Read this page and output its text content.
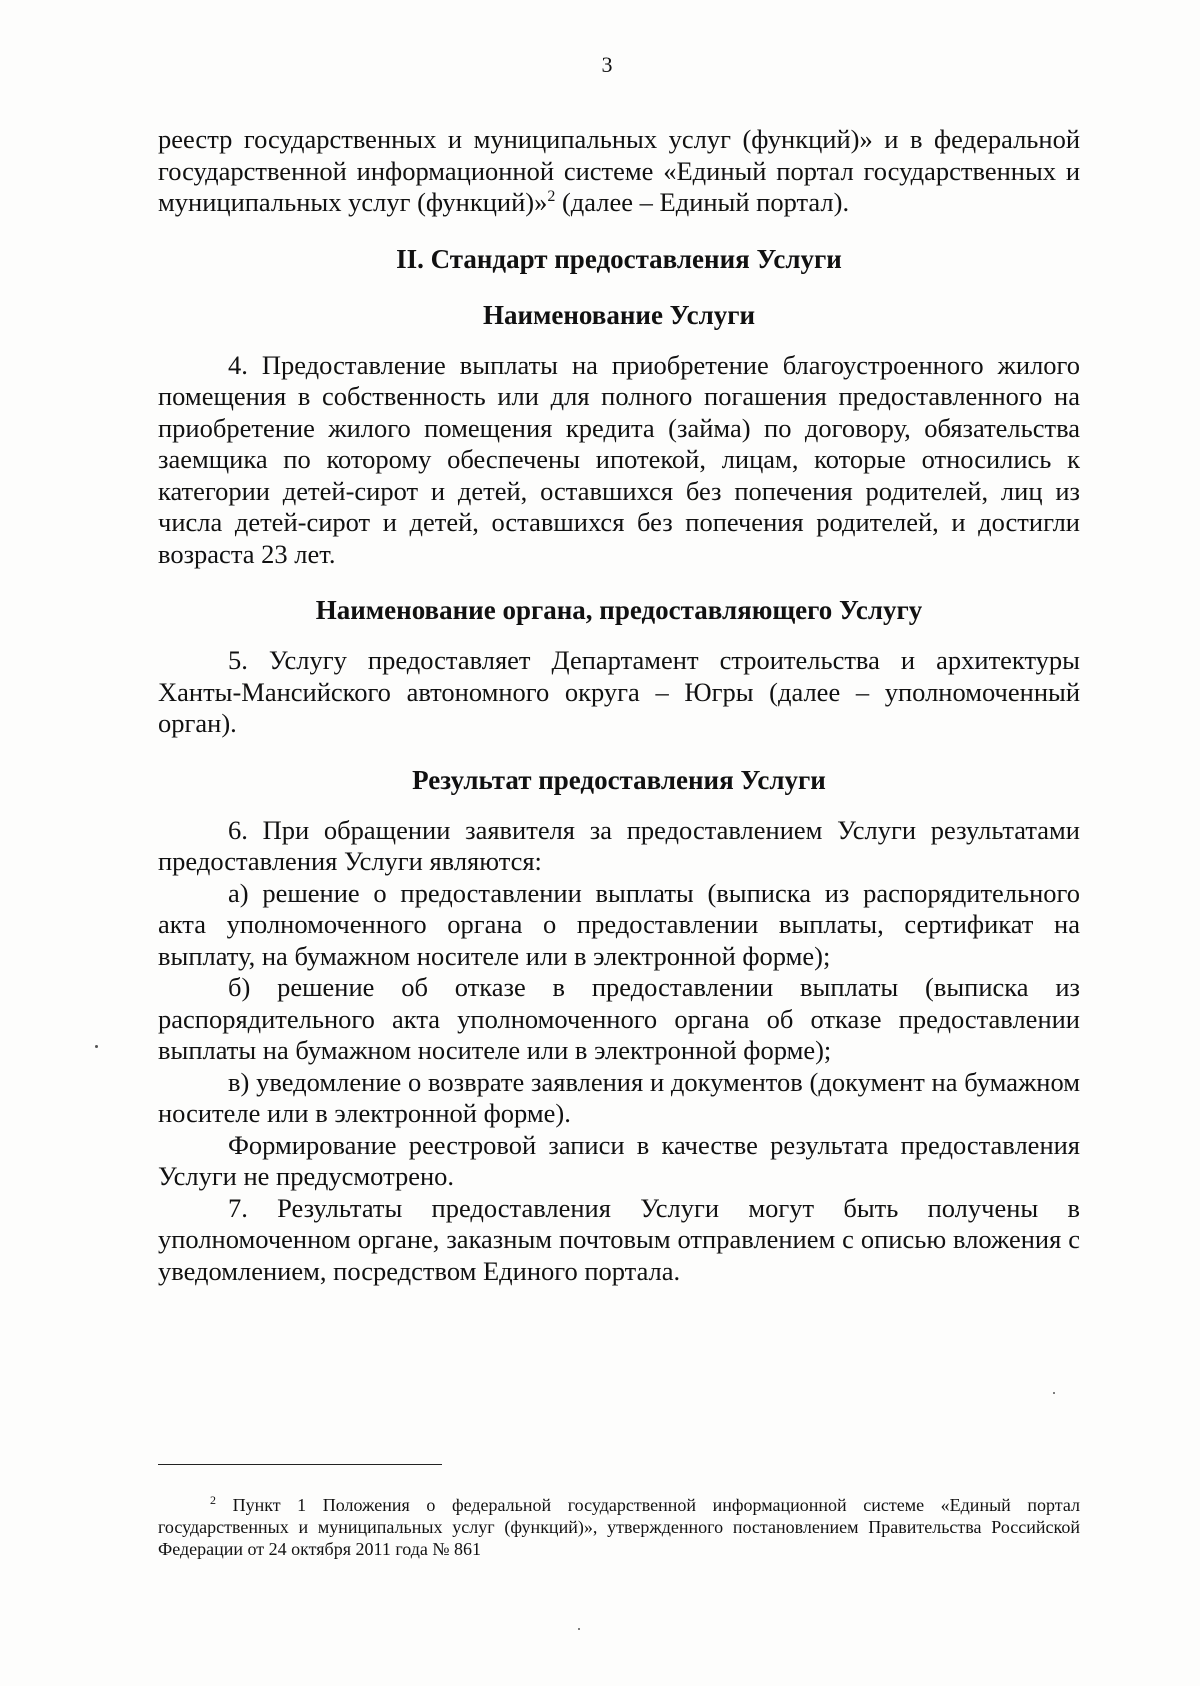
3

реестр государственных и муниципальных услуг (функций)» и в федеральной государственной информационной системе «Единый портал государственных и муниципальных услуг (функций)»$^2$ (далее – Единый портал).

II. Стандарт предоставления Услуги
Наименование Услуги

4. Предоставление выплаты на приобретение благоустроенного жилого помещения в собственность или для полного погашения предоставленного на приобретение жилого помещения кредита (займа) по договору, обязательства заемщика по которому обеспечены ипотекой, лицам, которые относились к категории детей-сирот и детей, оставшихся без попечения родителей, лиц из числа детей-сирот и детей, оставшихся без попечения родителей, и достигли возраста 23 лет.

Наименование органа, предоставляющего Услугу

5. Услугу предоставляет Департамент строительства и архитектуры Ханты-Мансийского автономного округа – Югры (далее – уполномоченный орган).

Результат предоставления Услуги

6. При обращении заявителя за предоставлением Услуги результатами предоставления Услуги являются:

а) решение о предоставлении выплаты (выписка из распорядительного акта уполномоченного органа о предоставлении выплаты, сертификат на выплату, на бумажном носителе или в электронной форме);

б) решение об отказе в предоставлении выплаты (выписка из распорядительного акта уполномоченного органа об отказе предоставлении выплаты на бумажном носителе или в электронной форме);

в) уведомление о возврате заявления и документов (документ на бумажном носителе или в электронной форме).

Формирование реестровой записи в качестве результата предоставления Услуги не предусмотрено.

7. Результаты предоставления Услуги могут быть получены в уполномоченном органе, заказным почтовым отправлением с описью вложения с уведомлением, посредством Единого портала.

$^2$ Пункт 1 Положения о федеральной государственной информационной системе «Единый портал государственных и муниципальных услуг (функций)», утвержденного постановлением Правительства Российской Федерации от 24 октября 2011 года № 861
